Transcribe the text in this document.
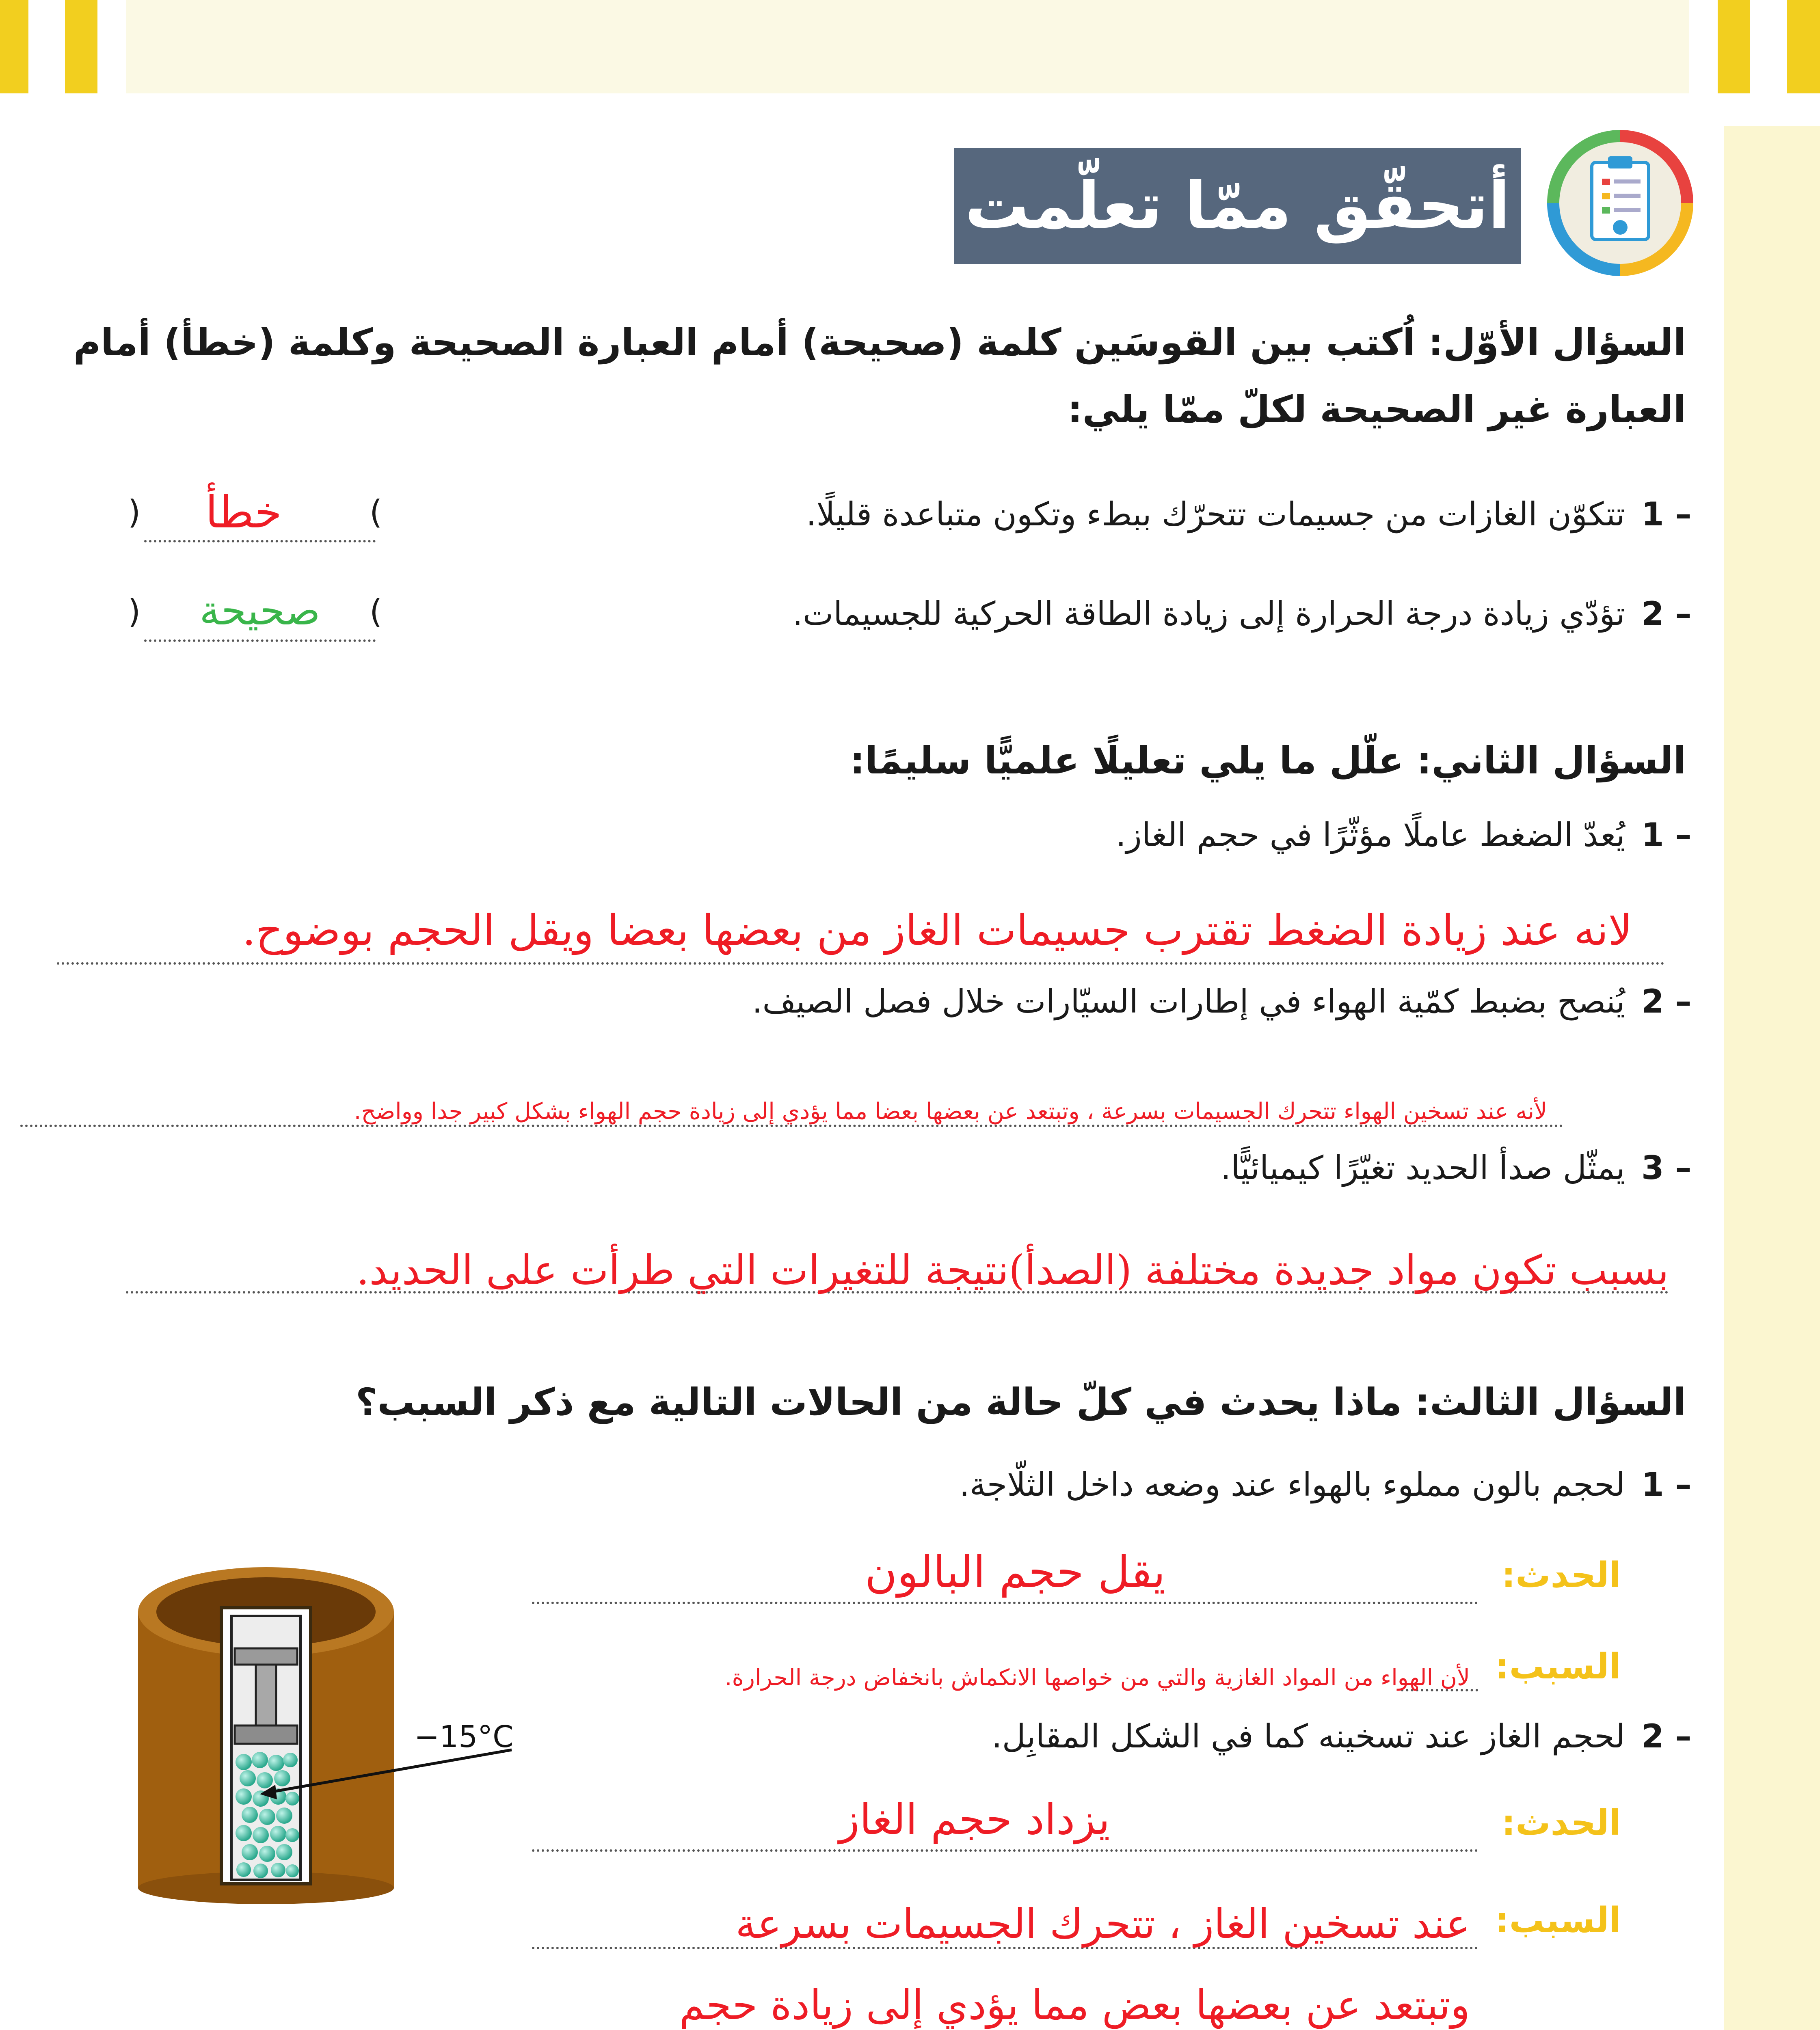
أتحقّق ممّا تعلّمت
السؤال الأوّل: اُكتب بين القوسَين كلمة (صحيحة) أمام العبارة الصحيحة وكلمة (خطأ) أمام
العبارة غير الصحيحة لكلّ ممّا يلي:
1 –
تتكوّن الغازات من جسيمات تتحرّك ببطء وتكون متباعدة قليلًا.
(
خطأ
)
2 –
تؤدّي زيادة درجة الحرارة إلى زيادة الطاقة الحركية للجسيمات.
(
صحيحة
)
السؤال الثاني: علّل ما يلي تعليلًا علميًّا سليمًا:
1 –
يُعدّ الضغط عاملًا مؤثّرًا في حجم الغاز.
لانه عند زيادة الضغط تقترب جسيمات الغاز من بعضها بعضا ويقل الحجم بوضوح.
2 –
يُنصح بضبط كمّية الهواء في إطارات السيّارات خلال فصل الصيف.
لأنه عند تسخين الهواء تتحرك الجسيمات بسرعة ، وتبتعد عن بعضها بعضا مما يؤدي إلى زيادة حجم الهواء بشكل كبير جدا وواضح.
3 –
يمثّل صدأ الحديد تغيّرًا كيميائيًّا.
بسبب تكون مواد جديدة مختلفة (الصدأ)نتيجة للتغيرات التي طرأت على الحديد.
السؤال الثالث: ماذا يحدث في كلّ حالة من الحالات التالية مع ذكر السبب؟
1 –
لحجم بالون مملوء بالهواء عند وضعه داخل الثلّاجة.
الحدث:
يقل حجم البالون
السبب:
لأن الهواء من المواد الغازية والتي من خواصها الانكماش بانخفاض درجة الحرارة.
2 –
لحجم الغاز عند تسخينه كما في الشكل المقابِل.
الحدث:
يزداد حجم الغاز
السبب:
عند تسخين الغاز ، تتحرك الجسيمات بسرعة
وتبتعد عن بعضها بعض مما يؤدي إلى زيادة حجم
−15°C
